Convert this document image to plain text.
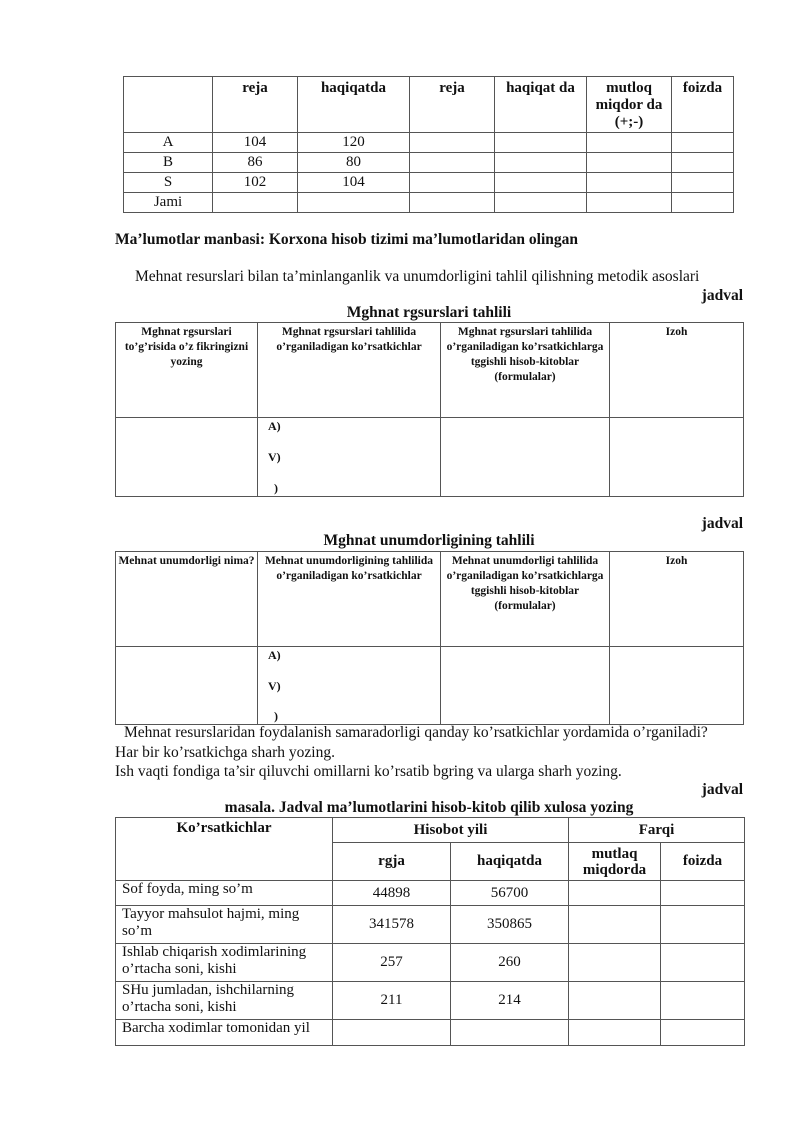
	reja	haqiqatda	reja	haqiqat da	mutloq miqdor da (+;-)	foizda
A	104	120				
B	86	80				
S	102	104				
Jami						

Ma’lumotlar manbasi: Korxona hisob tizimi ma’lumotlaridan olingan

Mehnat resurslari bilan ta’minlanganlik va unumdorligini tahlil qilishning metodik asoslari

jadval

Mghnat rgsurslari tahlili

Mghnat rgsurslari to’g’risida o’z fikringizni yozing	Mghnat rgsurslari tahlilida o’rganiladigan ko’rsatkichlar	Mghnat rgsurslari tahlilida o’rganiladigan ko’rsatkichlarga tggishli hisob-kitoblar (formulalar)	Izoh

	A)
V)
)		

jadval

Mghnat unumdorligining tahlili

Mehnat unumdorligi nima?	Mehnat unumdorligining tahlilida o’rganiladigan ko’rsatkichlar	Mehnat unumdorligi tahlilida o’rganiladigan ko’rsatkichlarga tggishli hisob-kitoblar (formulalar)	Izoh

	A)
V)
)		

Mehnat resurslaridan foydalanish samaradorligi qanday ko’rsatkichlar yordamida o’rganiladi?

Har bir ko’rsatkichga sharh yozing.

Ish vaqti fondiga ta’sir qiluvchi omillarni ko’rsatib bgring va ularga sharh yozing.

jadval

masala. Jadval ma’lumotlarini hisob-kitob qilib xulosa yozing

Ko’rsatkichlar	Hisobot yili		Farqi	
	rgja	haqiqatda	mutlaq miqdorda	foizda
Sof foyda, ming so’m	44898	56700		
Tayyor mahsulot hajmi, ming so’m	341578	350865		
Ishlab chiqarish xodimlarining o’rtacha soni, kishi	257	260		
SHu jumladan, ishchilarning o’rtacha soni, kishi	211	214		
Barcha xodimlar tomonidan yil				
